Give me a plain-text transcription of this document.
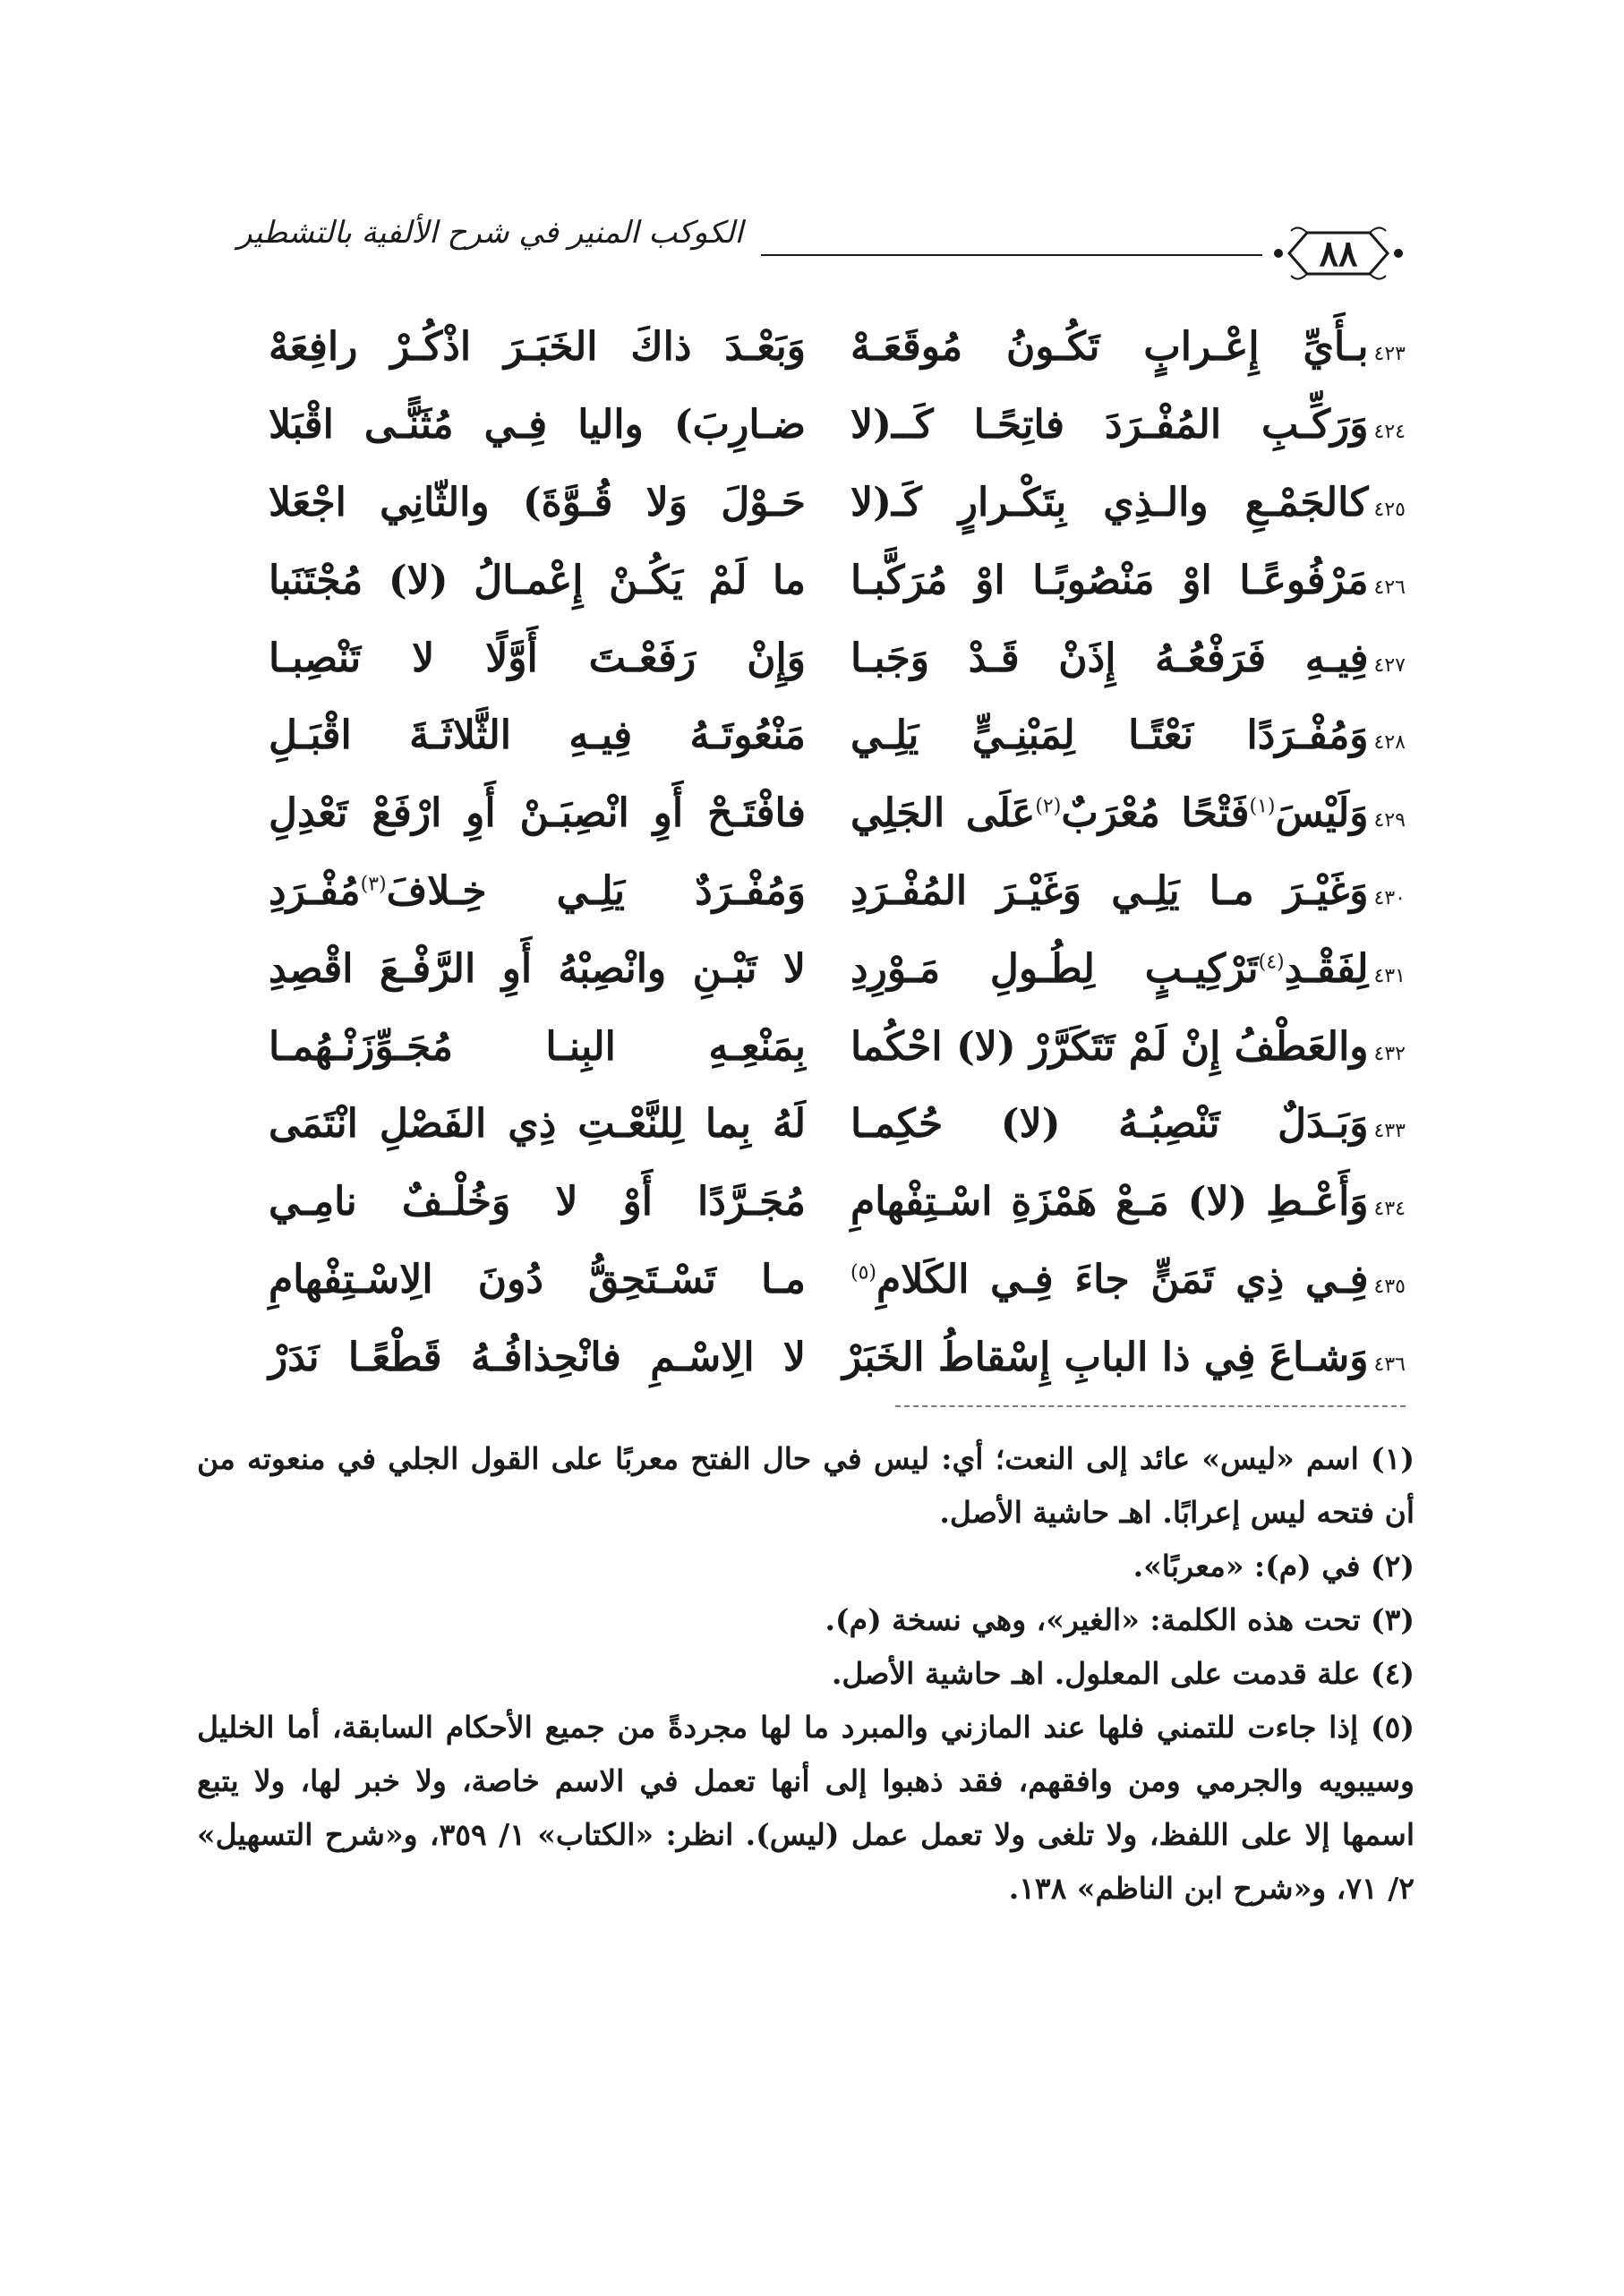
٨٨
الكوكب المنير في شرح الألفية بالتشطير
٤٢٣بـأَيِّ إِعْـرابٍ تَكُـونُ مُوقَعَـهْ
وَبَعْـدَ ذاكَ الخَبَـرَ اذْكُـرْ رافِعَهْ
٤٢٤وَرَكِّـبِ المُفْـرَدَ فاتِحًـا كَــ(لا
ضـارِبَ) واليا فِـي مُثَنًّـى اقْبَلا
٤٢٥كالجَمْـعِ والـذِي بِتَكْـرارٍ كَـ(لا
حَـوْلَ وَلا قُـوَّةَ) والثّانِي اجْعَلا
٤٢٦مَرْفُوعًـا اوْ مَنْصُوبًـا اوْ مُرَكَّبـا
ما لَمْ يَكُـنْ إِعْمـالُ (لا) مُجْتَنَبا
٤٢٧فِيـهِ فَرَفْعُـهُ إِذَنْ قَـدْ وَجَبـا
وَإِنْ رَفَعْـتَ أَوَّلًا لا تَنْصِبـا
٤٢٨وَمُفْـرَدًا نَعْتًـا لِمَبْنِـيٍّ يَلِـي
مَنْعُوتَـهُ فِيـهِ الثَّلاثَـةَ اقْبَـلِ
٤٢٩وَلَيْسَ$^{(١)}$فَتْحًا مُعْرَبٌ$^{(٢)}$عَلَى الجَلِي
فافْتَـحْ أَوِ انْصِبَـنْ أَوِ ارْفَعْ تَعْدِلِ
٤٣٠وَغَيْـرَ مـا يَلِـي وَغَيْـرَ المُفْـرَدِ
وَمُفْـرَدٌ يَلِـي خِـلافَ$^{(٣)}$مُفْـرَدِ
٤٣١لِفَقْـدِ$^{(٤)}$تَرْكِيـبٍ لِطُـولِ مَـوْرِدِ
لا تَبْـنِ وانْصِبْهُ أَوِ الرَّفْـعَ اقْصِدِ
٤٣٢والعَطْفُ إِنْ لَمْ تَتَكَرَّرْ (لا) احْكُما
بِمَنْعِـهِ البِنـا مُجَـوِّزَنْـهُمـا
٤٣٣وَبَـدَلٌ تَنْصِبُـهُ (لا) حُكِمـا
لَهُ بِما لِلنَّعْـتِ ذِي الفَصْلِ انْتَمَى
٤٣٤وَأَعْـطِ (لا) مَـعْ هَمْزَةِ اسْـتِفْهامِ
مُجَـرَّدًا أَوْ لا وَخُلْـفٌ نامِـي
٤٣٥فِـي ذِي تَمَنٍّ جاءَ فِـي الكَلامِ$^{(٥)}$
مـا تَسْـتَحِقُّ دُونَ الِاسْـتِفْهامِ
٤٣٦وَشـاعَ فِي ذا البابِ إِسْقاطُ الخَبَرْ
لا الِاسْـمِ فانْحِذافُـهُ قَطْعًـا نَدَرْ

(١) اسم «ليس» عائد إلى النعت؛ أي: ليس في حال الفتح معربًا على القول الجلي في منعوته من أن فتحه ليس إعرابًا. اهـ حاشية الأصل.

(٢) في (م): «معربًا».

(٣) تحت هذه الكلمة: «الغير»، وهي نسخة (م).

(٤) علة قدمت على المعلول. اهـ حاشية الأصل.

(٥) إذا جاءت للتمني فلها عند المازني والمبرد ما لها مجردةً من جميع الأحكام السابقة، أما الخليل وسيبويه والجرمي ومن وافقهم، فقد ذهبوا إلى أنها تعمل في الاسم خاصة، ولا خبر لها، ولا يتبع اسمها إلا على اللفظ، ولا تلغى ولا تعمل عمل (ليس). انظر: «الكتاب» ١/ ٣٥٩، و«شرح التسهيل» ٢/ ٧١، و«شرح ابن الناظم» ١٣٨.
